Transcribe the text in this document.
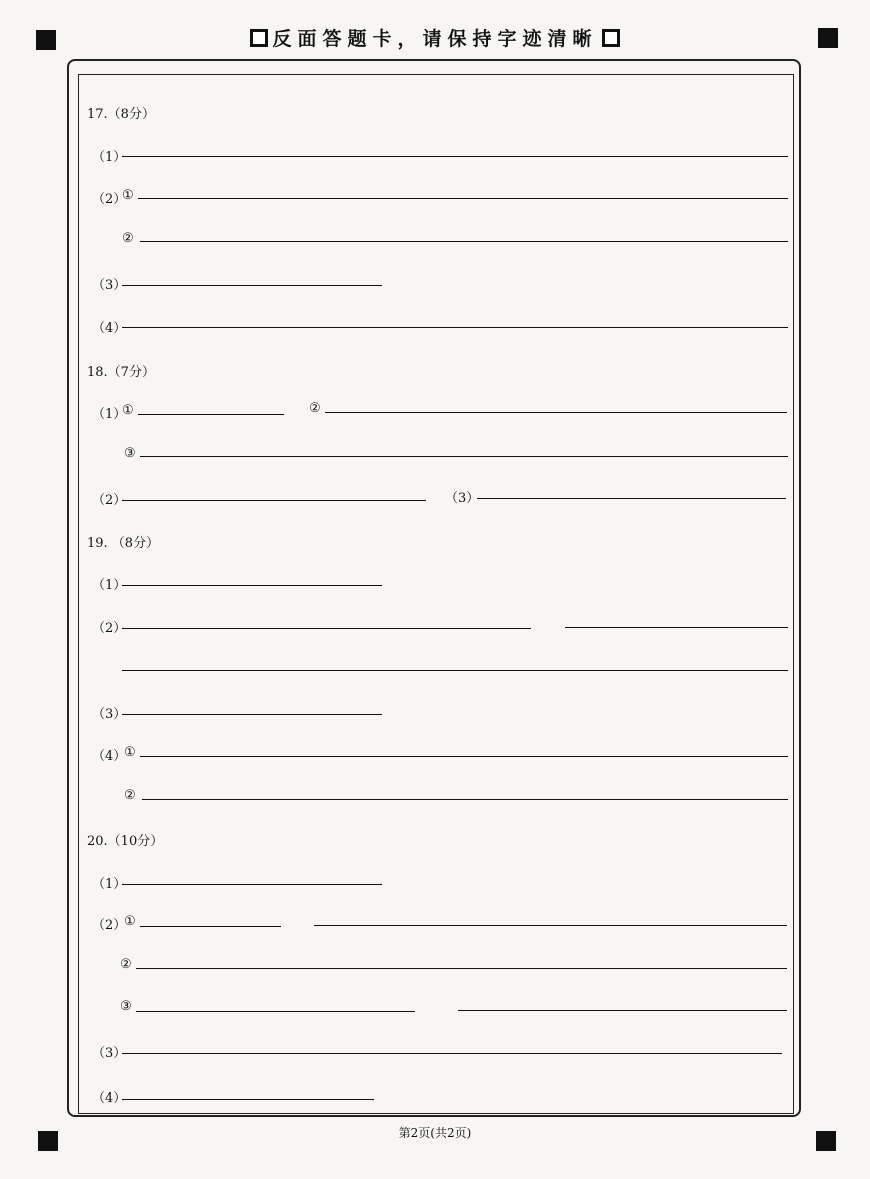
反面答题卡，请保持字迹清晰
17.（8分）
（1）
（2）
①
②
（3）
（4）
18.（7分）
（1）
①	②
③
（2）	（3）
19. （8分）
（1）
（2）
（3）
（4）
①
②
20.（10分）
（1）
（2）
①
②
③
（3）
（4）
第2页(共2页)
